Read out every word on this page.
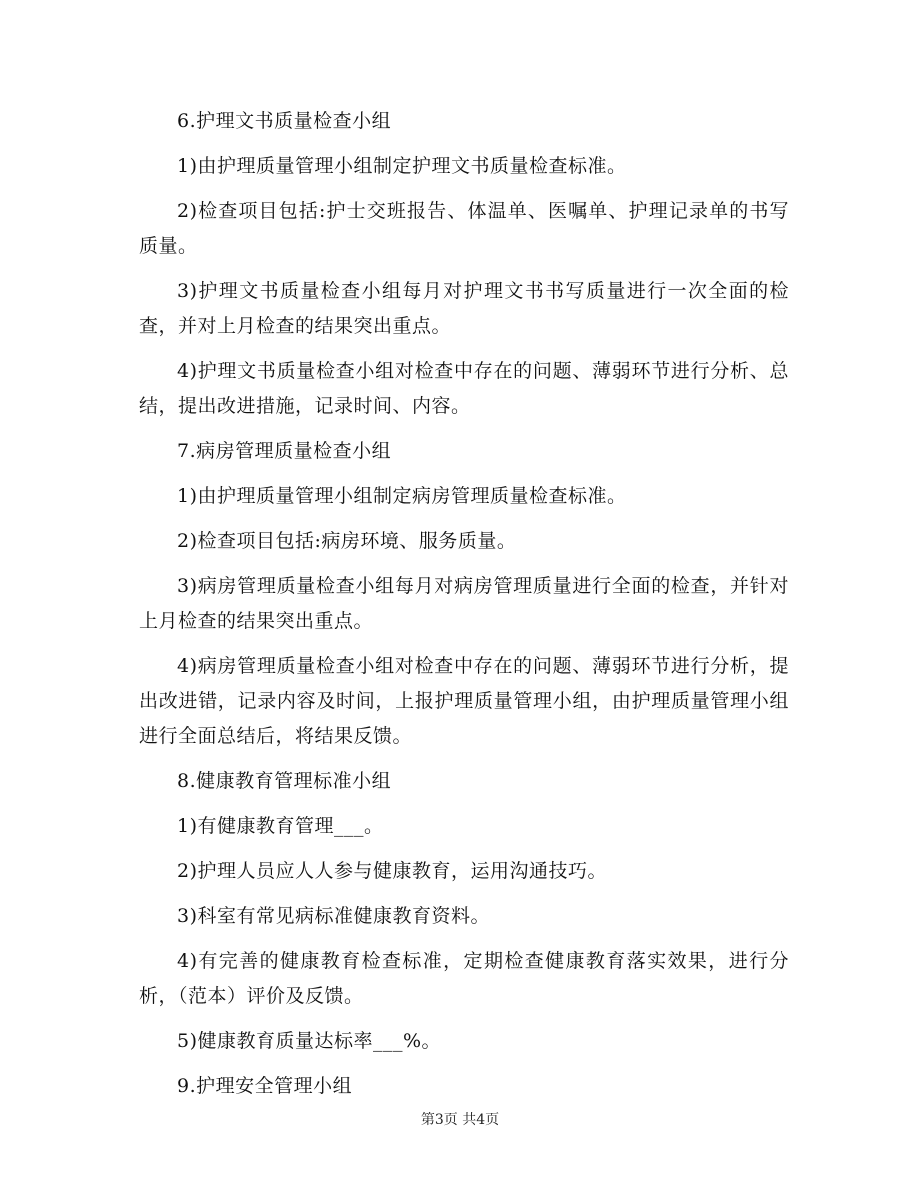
6.护理文书质量检查小组

1)由护理质量管理小组制定护理文书质量检查标准。

2)检查项目包括:护士交班报告、体温单、医嘱单、护理记录单的书写质量。

3)护理文书质量检查小组每月对护理文书书写质量进行一次全面的检查，并对上月检查的结果突出重点。

4)护理文书质量检查小组对检查中存在的问题、薄弱环节进行分析、总结，提出改进措施，记录时间、内容。

7.病房管理质量检查小组

1)由护理质量管理小组制定病房管理质量检查标准。

2)检查项目包括:病房环境、服务质量。

3)病房管理质量检查小组每月对病房管理质量进行全面的检查，并针对上月检查的结果突出重点。

4)病房管理质量检查小组对检查中存在的问题、薄弱环节进行分析，提出改进错，记录内容及时间，上报护理质量管理小组，由护理质量管理小组进行全面总结后，将结果反馈。

8.健康教育管理标准小组

1)有健康教育管理___。

2)护理人员应人人参与健康教育，运用沟通技巧。

3)科室有常见病标准健康教育资料。

4)有完善的健康教育检查标准，定期检查健康教育落实效果，进行分析，（范本）评价及反馈。

5)健康教育质量达标率___%。

9.护理安全管理小组

第3页 共4页
